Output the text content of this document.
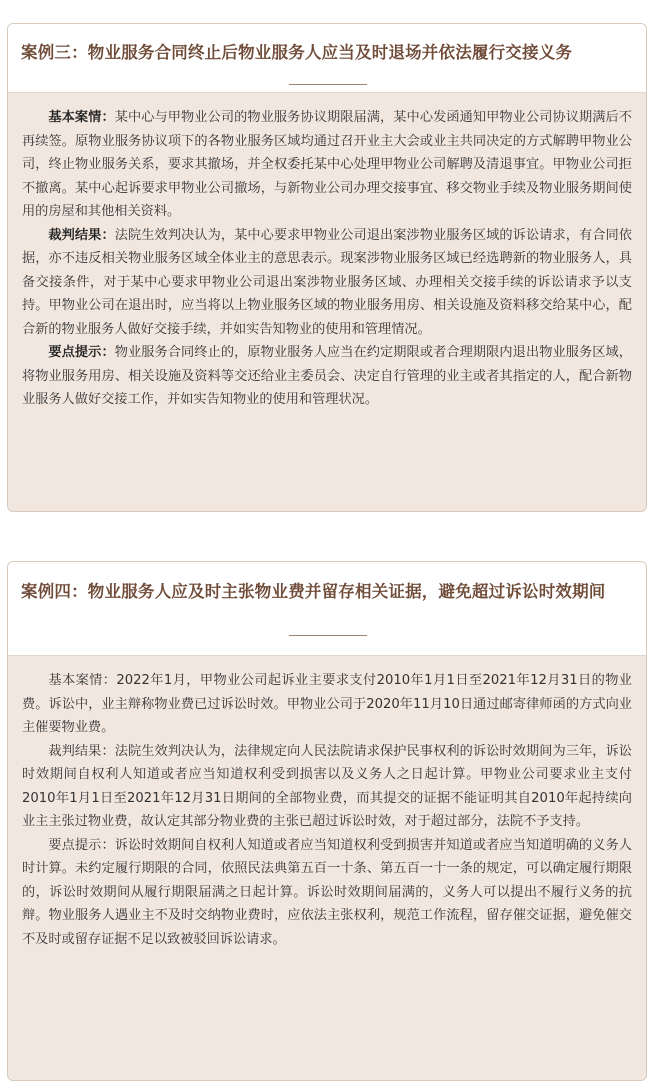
案例三：物业服务合同终止后物业服务人应当及时退场并依法履行交接义务

基本案情：某中心与甲物业公司的物业服务协议期限届满，某中心发函通知甲物业公司协议期满后不再续签。原物业服务协议项下的各物业服务区域均通过召开业主大会或业主共同决定的方式解聘甲物业公司，终止物业服务关系，要求其撤场，并全权委托某中心处理甲物业公司解聘及清退事宜。甲物业公司拒不撤离。某中心起诉要求甲物业公司撤场，与新物业公司办理交接事宜、移交物业手续及物业服务期间使用的房屋和其他相关资料。

裁判结果：法院生效判决认为，某中心要求甲物业公司退出案涉物业服务区域的诉讼请求，有合同依据，亦不违反相关物业服务区域全体业主的意思表示。现案涉物业服务区域已经选聘新的物业服务人，具备交接条件，对于某中心要求甲物业公司退出案涉物业服务区域、办理相关交接手续的诉讼请求予以支持。甲物业公司在退出时，应当将以上物业服务区域的物业服务用房、相关设施及资料移交给某中心，配合新的物业服务人做好交接手续，并如实告知物业的使用和管理情况。

要点提示：物业服务合同终止的，原物业服务人应当在约定期限或者合理期限内退出物业服务区域，将物业服务用房、相关设施及资料等交还给业主委员会、决定自行管理的业主或者其指定的人，配合新物业服务人做好交接工作，并如实告知物业的使用和管理状况。

案例四：物业服务人应及时主张物业费并留存相关证据，避免超过诉讼时效期间

基本案情：2022年1月，甲物业公司起诉业主要求支付2010年1月1日至2021年12月31日的物业费。诉讼中，业主辩称物业费已过诉讼时效。甲物业公司于2020年11月10日通过邮寄律师函的方式向业主催要物业费。

裁判结果：法院生效判决认为，法律规定向人民法院请求保护民事权利的诉讼时效期间为三年，诉讼时效期间自权利人知道或者应当知道权利受到损害以及义务人之日起计算。甲物业公司要求业主支付2010年1月1日至2021年12月31日期间的全部物业费，而其提交的证据不能证明其自2010年起持续向业主主张过物业费，故认定其部分物业费的主张已超过诉讼时效，对于超过部分，法院不予支持。

要点提示：诉讼时效期间自权利人知道或者应当知道权利受到损害并知道或者应当知道明确的义务人时计算。未约定履行期限的合同，依照民法典第五百一十条、第五百一十一条的规定，可以确定履行期限的，诉讼时效期间从履行期限届满之日起计算。诉讼时效期间届满的，义务人可以提出不履行义务的抗辩。物业服务人遇业主不及时交纳物业费时，应依法主张权利，规范工作流程，留存催交证据，避免催交不及时或留存证据不足以致被驳回诉讼请求。
